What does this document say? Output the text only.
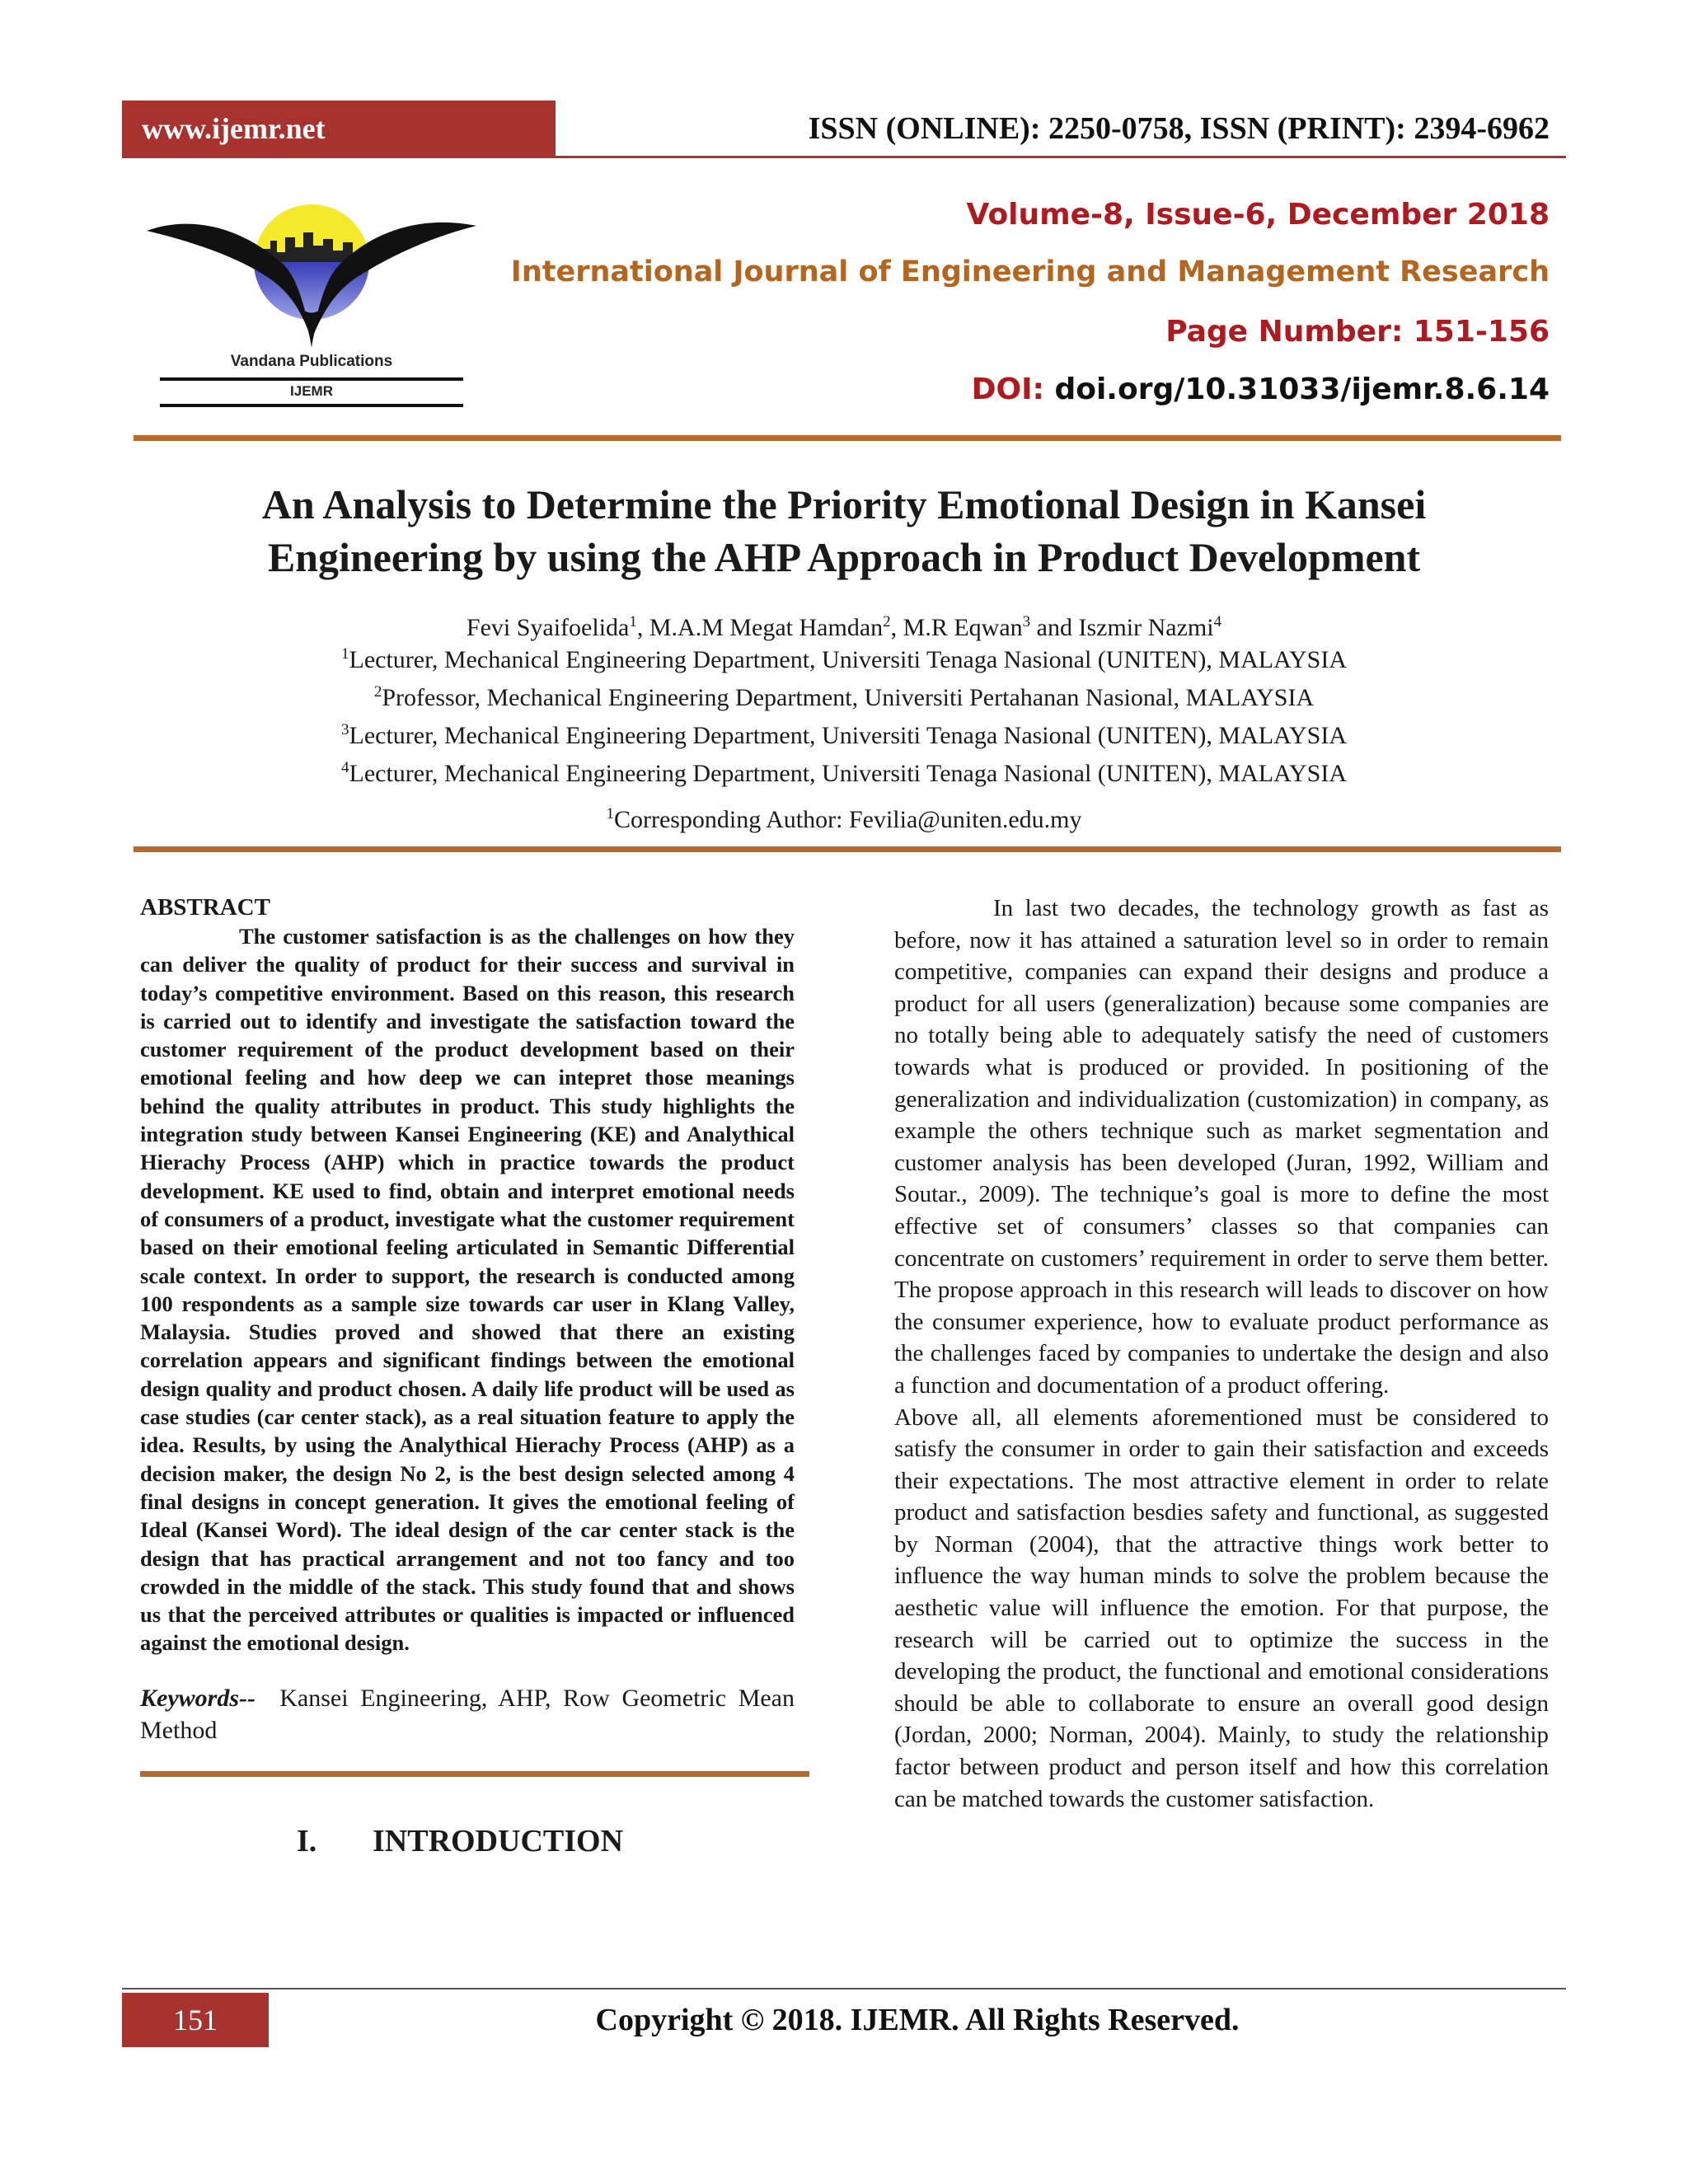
www.ijemr.net	ISSN (ONLINE): 2250-0758, ISSN (PRINT): 2394-6962
Vandana Publications
IJEMR
Volume-8, Issue-6, December 2018
International Journal of Engineering and Management Research
Page Number: 151-156
DOI: doi.org/10.31033/ijemr.8.6.14
An Analysis to Determine the Priority Emotional Design in Kansei
Engineering by using the AHP Approach in Product Development
Fevi Syaifoelida$^1$, M.A.M Megat Hamdan$^2$, M.R Eqwan$^3$ and Iszmir Nazmi$^4$
$^1$Lecturer, Mechanical Engineering Department, Universiti Tenaga Nasional (UNITEN), MALAYSIA
$^2$Professor, Mechanical Engineering Department, Universiti Pertahanan Nasional, MALAYSIA
$^3$Lecturer, Mechanical Engineering Department, Universiti Tenaga Nasional (UNITEN), MALAYSIA
$^4$Lecturer, Mechanical Engineering Department, Universiti Tenaga Nasional (UNITEN), MALAYSIA
$^1$Corresponding Author: Fevilia@uniten.edu.my

ABSTRACT

The customer satisfaction is as the challenges on how they can deliver the quality of product for their success and survival in today’s competitive environment. Based on this reason, this research is carried out to identify and investigate the satisfaction toward the customer requirement of the product development based on their emotional feeling and how deep we can intepret those meanings behind the quality attributes in product. This study highlights the integration study between Kansei Engineering (KE) and Analythical Hierachy Process (AHP) which in practice towards the product development. KE used to find, obtain and interpret emotional needs of consumers of a product, investigate what the customer requirement based on their emotional feeling articulated in Semantic Differential scale context. In order to support, the research is conducted among 100 respondents as a sample size towards car user in Klang Valley, Malaysia. Studies proved and showed that there an existing correlation appears and significant findings between the emotional design quality and product chosen. A daily life product will be used as case studies (car center stack), as a real situation feature to apply the idea. Results, by using the Analythical Hierachy Process (AHP) as a decision maker, the design No 2, is the best design selected among 4 final designs in concept generation. It gives the emotional feeling of Ideal (Kansei Word). The ideal design of the car center stack is the design that has practical arrangement and not too fancy and too crowded in the middle of the stack. This study found that and shows us that the perceived attributes or qualities is impacted or influenced against the emotional design.

Keywords-- Kansei Engineering, AHP, Row Geometric Mean Method
I. INTRODUCTION

In last two decades, the technology growth as fast as before, now it has attained a saturation level so in order to remain competitive, companies can expand their designs and produce a product for all users (generalization) because some companies are no totally being able to adequately satisfy the need of customers towards what is produced or provided. In positioning of the generalization and individualization (customization) in company, as example the others technique such as market segmentation and customer analysis has been developed (Juran, 1992, William and Soutar., 2009). The technique’s goal is more to define the most effective set of consumers’ classes so that companies can concentrate on customers’ requirement in order to serve them better. The propose approach in this research will leads to discover on how the consumer experience, how to evaluate product performance as the challenges faced by companies to undertake the design and also a function and documentation of a product offering.

Above all, all elements aforementioned must be considered to satisfy the consumer in order to gain their satisfaction and exceeds their expectations. The most attractive element in order to relate product and satisfaction besdies safety and functional, as suggested by Norman (2004), that the attractive things work better to influence the way human minds to solve the problem because the aesthetic value will influence the emotion. For that purpose, the research will be carried out to optimize the success in the developing the product, the functional and emotional considerations should be able to collaborate to ensure an overall good design (Jordan, 2000; Norman, 2004). Mainly, to study the relationship factor between product and person itself and how this correlation can be matched towards the customer satisfaction.

151	Copyright © 2018. IJEMR. All Rights Reserved.
